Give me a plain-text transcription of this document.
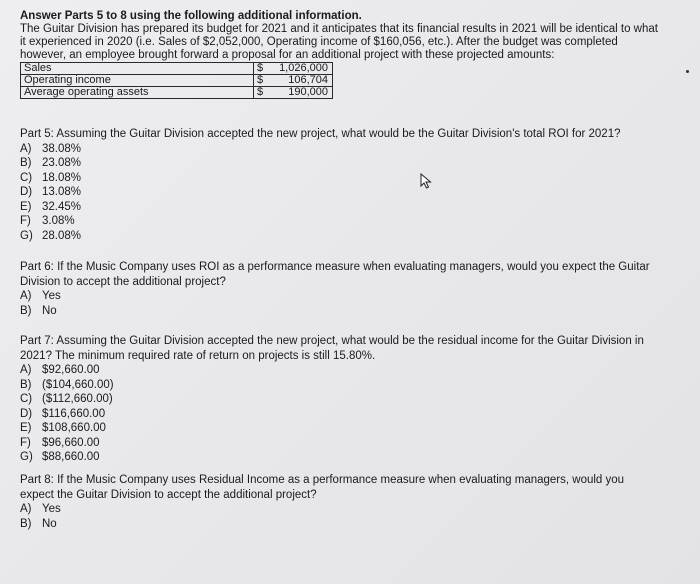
Answer Parts 5 to 8 using the following additional information.
The Guitar Division has prepared its budget for 2021 and it anticipates that its financial results in 2021 will be identical to what it experienced in 2020 (i.e. Sales of $2,052,000, Operating income of $160,056, etc.). After the budget was completed however, an employee brought forward a proposal for an additional project with these projected amounts:
Sales	$	1,026,000
Operating income	$	106,704
Average operating assets	$	190,000
Part 5: Assuming the Guitar Division accepted the new project, what would be the Guitar Division's total ROI for 2021?
A) 38.08%
B) 23.08%
C) 18.08%
D) 13.08%
E) 32.45%
F) 3.08%
G) 28.08%
Part 6: If the Music Company uses ROI as a performance measure when evaluating managers, would you expect the Guitar Division to accept the additional project?
A) Yes
B) No
Part 7: Assuming the Guitar Division accepted the new project, what would be the residual income for the Guitar Division in 2021? The minimum required rate of return on projects is still 15.80%.
A) $92,660.00
B) ($104,660.00)
C) ($112,660.00)
D) $116,660.00
E) $108,660.00
F) $96,660.00
G) $88,660.00
Part 8: If the Music Company uses Residual Income as a performance measure when evaluating managers, would you expect the Guitar Division to accept the additional project?
A) Yes
B) No
